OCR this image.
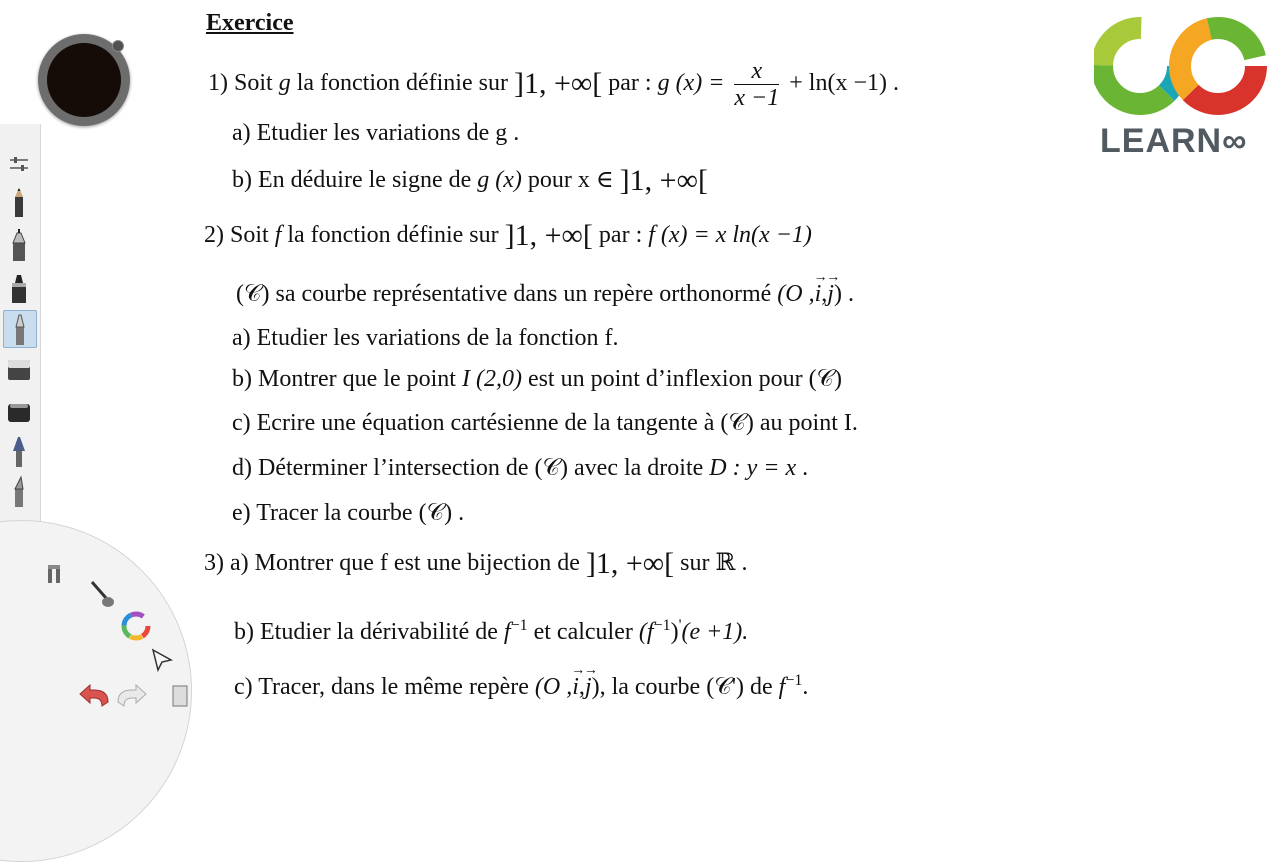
Exercice
1) Soit g la fonction définie sur ]1, +∞[ par : g $(x) = \frac{x}{x -1} + \ln(x -1)$ .
a) Etudier les variations de g .
b) En déduire le signe de g (x) pour x ∈ ]1, +∞[
2) Soit f la fonction définie sur ]1, +∞[ par : f (x) = x ln(x −1)
(𝒞) sa courbe représentative dans un repère orthonormé (O ,→ i,→ j) .
a) Etudier les variations de la fonction f.
b) Montrer que le point I (2,0) est un point d’inflexion pour (𝒞)
c) Ecrire une équation cartésienne de la tangente à (𝒞) au point I.
d) Déterminer l’intersection de (𝒞) avec la droite D : y = x .
e) Tracer la courbe (𝒞) .
3) a) Montrer que f est une bijection de ]1, +∞[ sur ℝ .
b) Etudier la dérivabilité de $f^{-1}$ et calculer $(f^{-1})'(e +1)$.
c) Tracer, dans le même repère (O ,→ i,→ j), la courbe (𝒞') de $f^{-1}$.
LEARN∞
